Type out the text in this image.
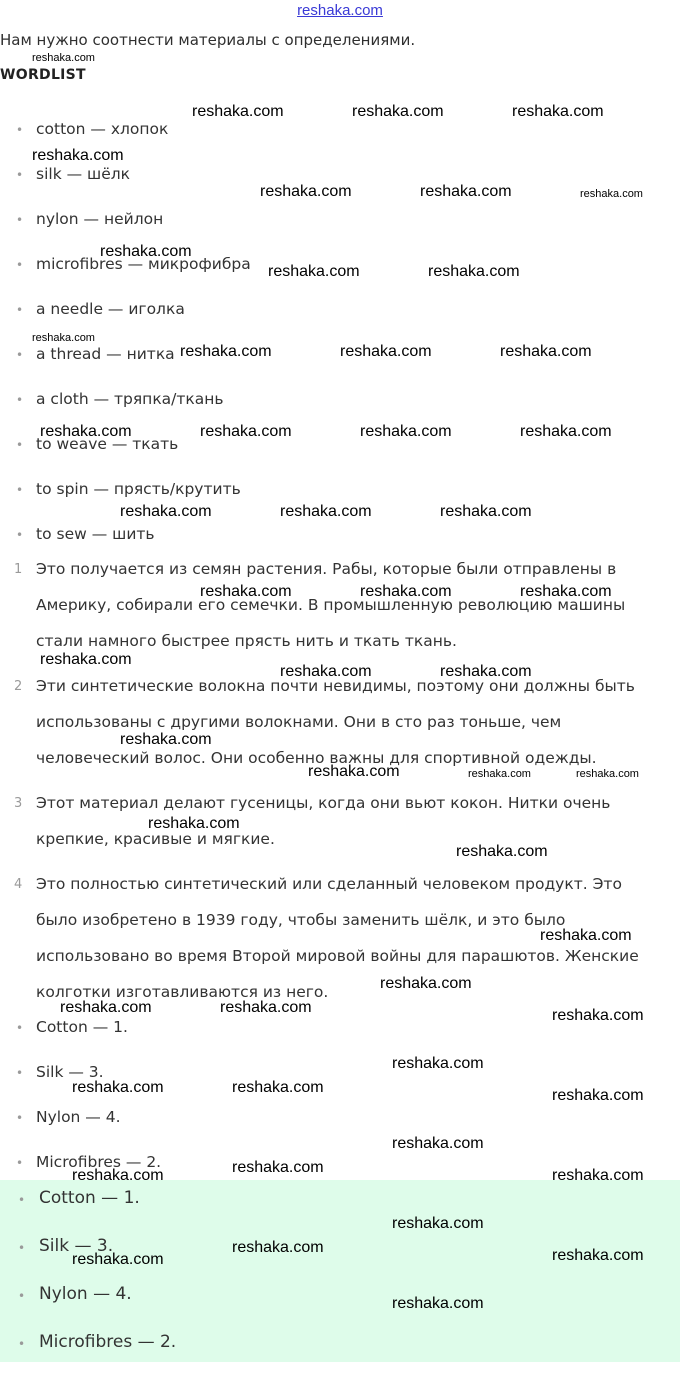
reshaka.com
Нам нужно соотнести материалы с определениями.
WORDLIST
• cotton — хлопок
• silk — шёлк
• nylon — нейлон
• microfibres — микрофибра
• a needle — иголка
• a thread — нитка
• a cloth — тряпка/ткань
• to weave — ткать
• to spin — прясть/крутить
• to sew — шить
1 Это получается из семян растения. Рабы, которые были отправлены в
Америку, собирали его семечки. В промышленную революцию машины
стали намного быстрее прясть нить и ткать ткань.
2 Эти синтетические волокна почти невидимы, поэтому они должны быть
использованы с другими волокнами. Они в сто раз тоньше, чем
человеческий волос. Они особенно важны для спортивной одежды.
3 Этот материал делают гусеницы, когда они вьют кокон. Нитки очень
крепкие, красивые и мягкие.
4 Это полностью синтетический или сделанный человеком продукт. Это
было изобретено в 1939 году, чтобы заменить шёлк, и это было
использовано во время Второй мировой войны для парашютов. Женские
колготки изготавливаются из него.
• Cotton — 1.
• Silk — 3.
• Nylon — 4.
• Microfibres — 2.
• Cotton — 1.
• Silk — 3.
• Nylon — 4.
• Microfibres — 2.
reshaka.com
reshaka.com	reshaka.com	reshaka.com
reshaka.com
reshaka.com	reshaka.com	reshaka.com
reshaka.com
reshaka.com	reshaka.com
reshaka.com
reshaka.com	reshaka.com	reshaka.com
reshaka.com	reshaka.com	reshaka.com	reshaka.com
reshaka.com	reshaka.com	reshaka.com
reshaka.com	reshaka.com	reshaka.com
reshaka.com
reshaka.com	reshaka.com
reshaka.com
reshaka.com	reshaka.com	reshaka.com
reshaka.com
reshaka.com
reshaka.com
reshaka.com
reshaka.com	reshaka.com	reshaka.com
reshaka.com
reshaka.com	reshaka.com	reshaka.com
reshaka.com
reshaka.com
reshaka.com	reshaka.com
reshaka.com
reshaka.com	reshaka.com
reshaka.com
reshaka.com
